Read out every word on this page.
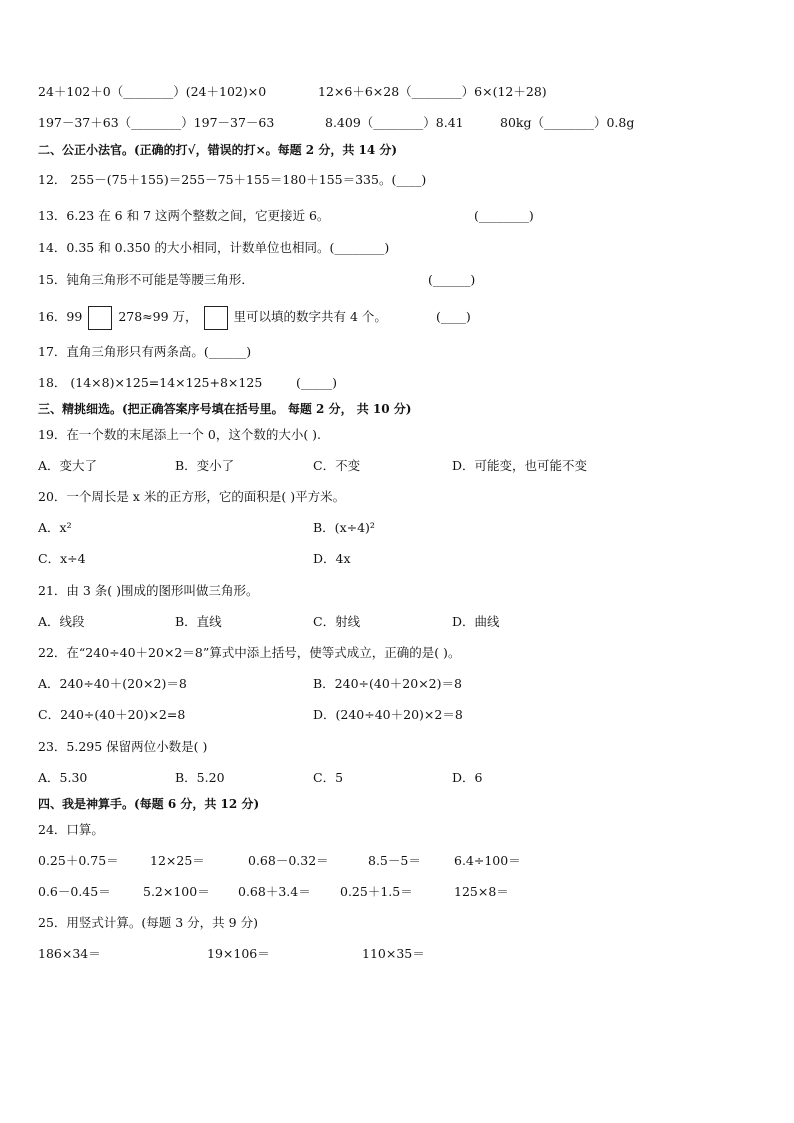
24＋102＋0（________）(24＋102)×0	12×6＋6×28（________）6×(12＋28)
197－37＋63（________）197－37－63	8.409（________）8.41	80kg（________）0.8g
二、公正小法官。(正确的打√，错误的打×。每题 2 分，共 14 分)
12． 255－(75＋155)＝255－75＋155＝180＋155＝335。(____)
13．6.23 在 6 和 7 这两个整数之间，它更接近 6。	(________)
14．0.35 和 0.350 的大小相同，计数单位也相同。(________)
15．钝角三角形不可能是等腰三角形．	(______)
16．99	278≈99 万，	里可以填的数字共有 4 个。	(____)
17．直角三角形只有两条高。(______)
18． (14×8)×125=14×125+8×125	(_____)
三、精挑细选。(把正确答案序号填在括号里。 每题 2 分， 共 10 分)
19．在一个数的末尾添上一个 0，这个数的大小( ).
A．变大了	B．变小了	C．不变	D．可能变，也可能不变
20．一个周长是 x 米的正方形，它的面积是( )平方米。
A．x²	B．(x÷4)²
C．x÷4	D．4x
21．由 3 条( )围成的图形叫做三角形。
A．线段	B．直线	C．射线	D．曲线
22．在“240÷40＋20×2＝8”算式中添上括号，使等式成立，正确的是( )。
A．240÷40＋(20×2)＝8	B．240÷(40＋20×2)＝8
C．240÷(40＋20)×2=8	D．(240÷40＋20)×2＝8
23．5.295 保留两位小数是( )
A．5.30	B．5.20	C．5	D．6
四、我是神算手。(每题 6 分，共 12 分)
24．口算。
0.25＋0.75＝	12×25＝	0.68－0.32＝	8.5－5＝	6.4÷100＝
0.6－0.45＝	5.2×100＝ 0.68＋3.4＝ 0.25＋1.5＝	125×8＝
25．用竖式计算。(每题 3 分，共 9 分)
186×34＝	19×106＝	110×35＝
